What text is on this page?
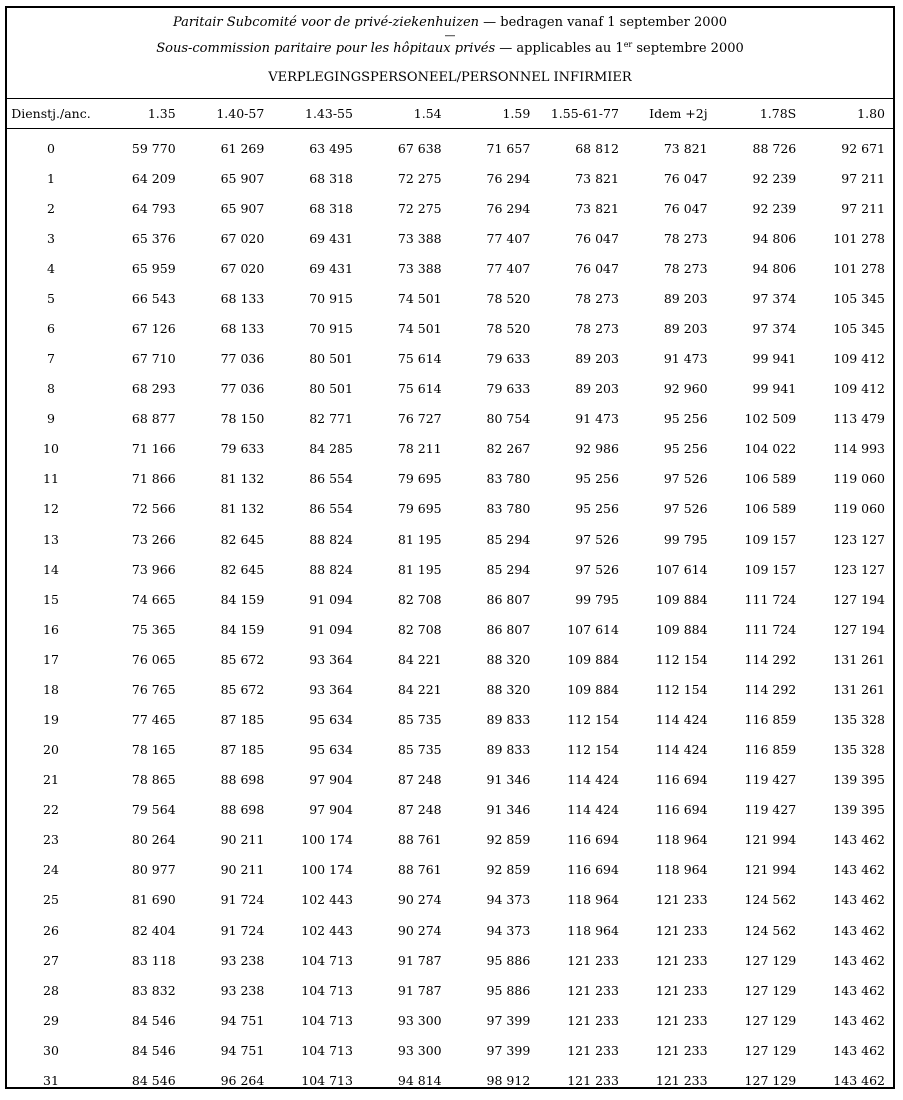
Paritair Subcomité voor de privé-ziekenhuizen — bedragen vanaf 1 september 2000
—
Sous-commission paritaire pour les hôpitaux privés — applicables au 1er septembre 2000
VERPLEGINGSPERSONEEL/PERSONNEL INFIRMIER
Dienstj./anc.	1.35	1.40-57	1.43-55	1.54	1.59	1.55-61-77	Idem +2j	1.78S	1.80
0	59 770	61 269	63 495	67 638	71 657	68 812	73 821	88 726	92 671
1	64 209	65 907	68 318	72 275	76 294	73 821	76 047	92 239	97 211
2	64 793	65 907	68 318	72 275	76 294	73 821	76 047	92 239	97 211
3	65 376	67 020	69 431	73 388	77 407	76 047	78 273	94 806	101 278
4	65 959	67 020	69 431	73 388	77 407	76 047	78 273	94 806	101 278
5	66 543	68 133	70 915	74 501	78 520	78 273	89 203	97 374	105 345
6	67 126	68 133	70 915	74 501	78 520	78 273	89 203	97 374	105 345
7	67 710	77 036	80 501	75 614	79 633	89 203	91 473	99 941	109 412
8	68 293	77 036	80 501	75 614	79 633	89 203	92 960	99 941	109 412
9	68 877	78 150	82 771	76 727	80 754	91 473	95 256	102 509	113 479
10	71 166	79 633	84 285	78 211	82 267	92 986	95 256	104 022	114 993
11	71 866	81 132	86 554	79 695	83 780	95 256	97 526	106 589	119 060
12	72 566	81 132	86 554	79 695	83 780	95 256	97 526	106 589	119 060
13	73 266	82 645	88 824	81 195	85 294	97 526	99 795	109 157	123 127
14	73 966	82 645	88 824	81 195	85 294	97 526	107 614	109 157	123 127
15	74 665	84 159	91 094	82 708	86 807	99 795	109 884	111 724	127 194
16	75 365	84 159	91 094	82 708	86 807	107 614	109 884	111 724	127 194
17	76 065	85 672	93 364	84 221	88 320	109 884	112 154	114 292	131 261
18	76 765	85 672	93 364	84 221	88 320	109 884	112 154	114 292	131 261
19	77 465	87 185	95 634	85 735	89 833	112 154	114 424	116 859	135 328
20	78 165	87 185	95 634	85 735	89 833	112 154	114 424	116 859	135 328
21	78 865	88 698	97 904	87 248	91 346	114 424	116 694	119 427	139 395
22	79 564	88 698	97 904	87 248	91 346	114 424	116 694	119 427	139 395
23	80 264	90 211	100 174	88 761	92 859	116 694	118 964	121 994	143 462
24	80 977	90 211	100 174	88 761	92 859	116 694	118 964	121 994	143 462
25	81 690	91 724	102 443	90 274	94 373	118 964	121 233	124 562	143 462
26	82 404	91 724	102 443	90 274	94 373	118 964	121 233	124 562	143 462
27	83 118	93 238	104 713	91 787	95 886	121 233	121 233	127 129	143 462
28	83 832	93 238	104 713	91 787	95 886	121 233	121 233	127 129	143 462
29	84 546	94 751	104 713	93 300	97 399	121 233	121 233	127 129	143 462
30	84 546	94 751	104 713	93 300	97 399	121 233	121 233	127 129	143 462
31	84 546	96 264	104 713	94 814	98 912	121 233	121 233	127 129	143 462
